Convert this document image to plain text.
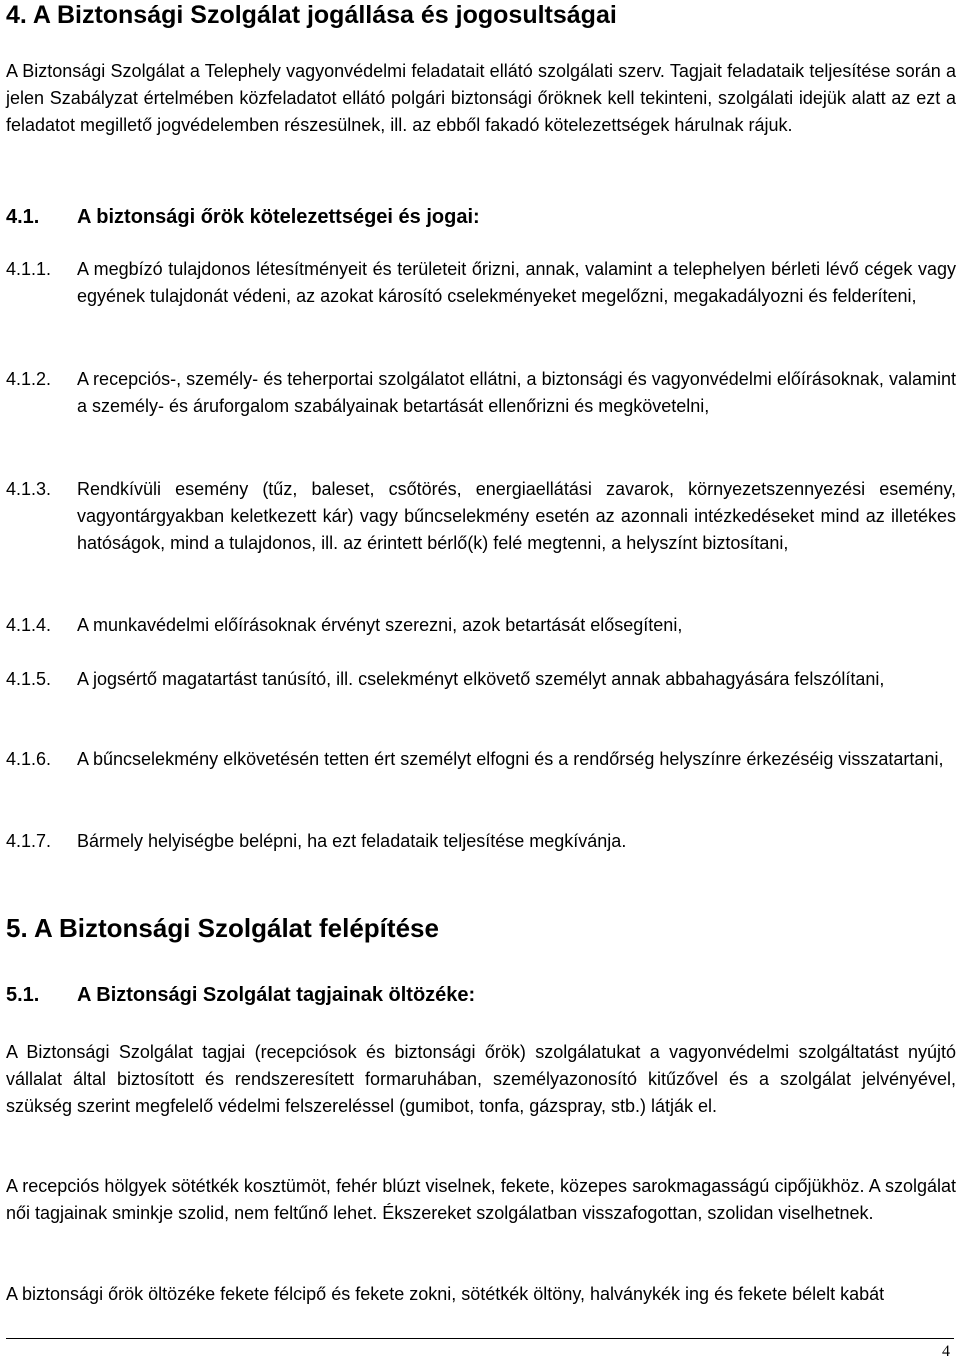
4. A Biztonsági Szolgálat jogállása és jogosultságai

A Biztonsági Szolgálat a Telephely vagyonvédelmi feladatait ellátó szolgálati szerv. Tagjait feladataik teljesítése során a jelen Szabályzat értelmében közfeladatot ellátó polgári biztonsági őröknek kell tekinteni, szolgálati idejük alatt az ezt a feladatot megillető jogvédelemben részesülnek, ill. az ebből fakadó kötelezettségek hárulnak rájuk.

4.1. A biztonsági őrök kötelezettségei és jogai:
4.1.1.	A megbízó tulajdonos létesítményeit és területeit őrizni, annak, valamint a telephelyen bérleti lévő cégek vagy egyének tulajdonát védeni, az azokat károsító cselekményeket megelőzni, megakadályozni és felderíteni,
4.1.2.	A recepciós-, személy- és teherportai szolgálatot ellátni, a biztonsági és vagyonvédelmi előírásoknak, valamint a személy- és áruforgalom szabályainak betartását ellenőrizni és megkövetelni,
4.1.3.	Rendkívüli esemény (tűz, baleset, csőtörés, energiaellátási zavarok, környezetszennyezési esemény, vagyontárgyakban keletkezett kár) vagy bűncselekmény esetén az azonnali intézkedéseket mind az illetékes hatóságok, mind a tulajdonos, ill. az érintett bérlő(k) felé megtenni, a helyszínt biztosítani,
4.1.4.	A munkavédelmi előírásoknak érvényt szerezni, azok betartását elősegíteni,
4.1.5.	A jogsértő magatartást tanúsító, ill. cselekményt elkövető személyt annak abbahagyására felszólítani,
4.1.6.	A bűncselekmény elkövetésén tetten ért személyt elfogni és a rendőrség helyszínre érkezéséig visszatartani,
4.1.7.	Bármely helyiségbe belépni, ha ezt feladataik teljesítése megkívánja.
5. A Biztonsági Szolgálat felépítése
5.1. A Biztonsági Szolgálat tagjainak öltözéke:

A Biztonsági Szolgálat tagjai (recepciósok és biztonsági őrök) szolgálatukat a vagyonvédelmi szolgáltatást nyújtó vállalat által biztosított és rendszeresített formaruhában, személyazonosító kitűzővel és a szolgálat jelvényével, szükség szerint megfelelő védelmi felszereléssel (gumibot, tonfa, gázspray, stb.) látják el.

A recepciós hölgyek sötétkék kosztümöt, fehér blúzt viselnek, fekete, közepes sarokmagasságú cipőjükhöz. A szolgálat női tagjainak sminkje szolid, nem feltűnő lehet. Ékszereket szolgálatban visszafogottan, szolidan viselhetnek.

A biztonsági őrök öltözéke fekete félcipő és fekete zokni, sötétkék öltöny, halványkék ing és fekete bélelt kabát

4
